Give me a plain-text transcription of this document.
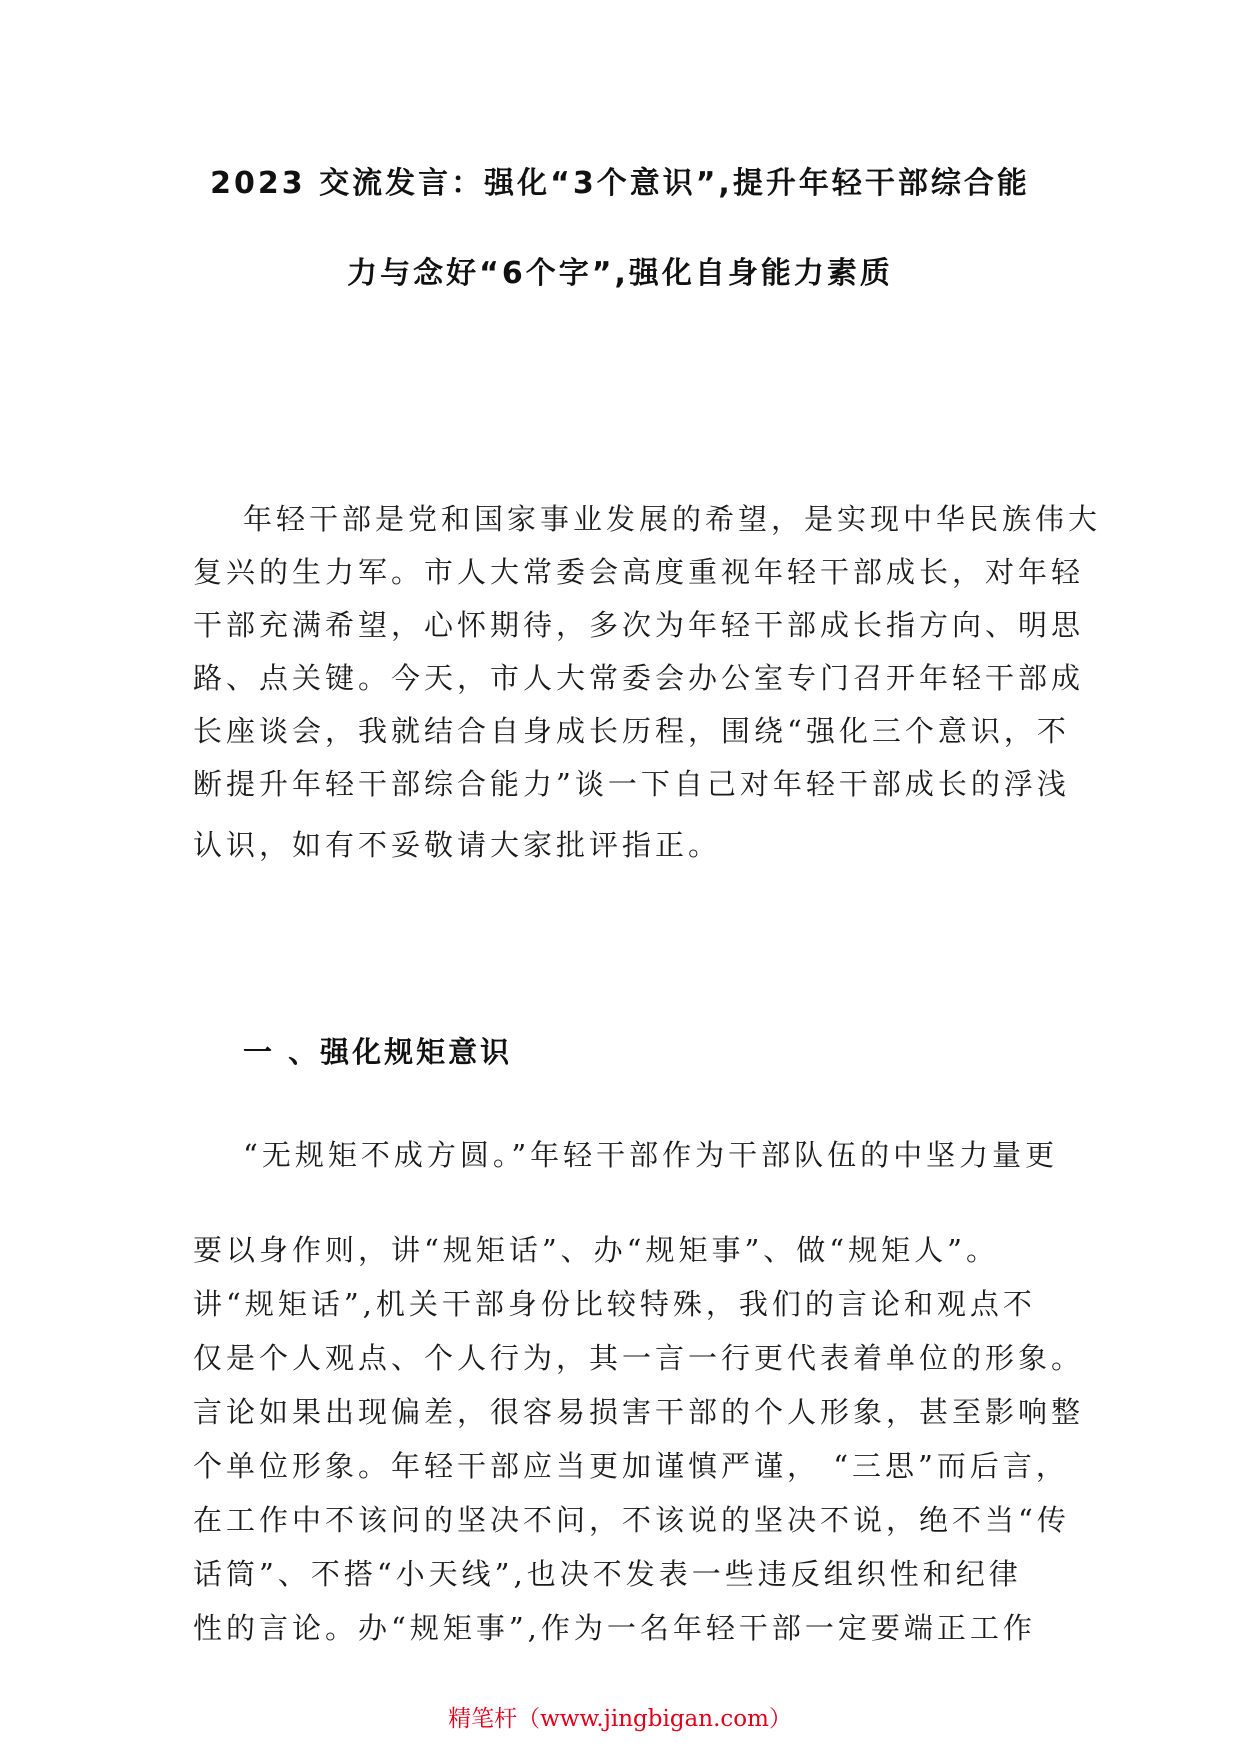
2023 交流发言：强化“3个意识”,提升年轻干部综合能
力与念好“6个字”,强化自身能力素质
年轻干部是党和国家事业发展的希望，是实现中华民族伟大
复兴的生力军。市人大常委会高度重视年轻干部成长，对年轻
干部充满希望，心怀期待，多次为年轻干部成长指方向、明思
路、点关键。今天，市人大常委会办公室专门召开年轻干部成
长座谈会，我就结合自身成长历程，围绕“强化三个意识，不
断提升年轻干部综合能力”谈一下自己对年轻干部成长的浮浅
认识，如有不妥敬请大家批评指正。
一 、强化规矩意识
“无规矩不成方圆。”年轻干部作为干部队伍的中坚力量更
要以身作则，讲“规矩话”、办“规矩事”、做“规矩人”。
讲“规矩话”,机关干部身份比较特殊，我们的言论和观点不
仅是个人观点、个人行为，其一言一行更代表着单位的形象。
言论如果出现偏差，很容易损害干部的个人形象，甚至影响整
个单位形象。年轻干部应当更加谨慎严谨， “三思”而后言，
在工作中不该问的坚决不问，不该说的坚决不说，绝不当“传
话筒”、不搭“小天线”,也决不发表一些违反组织性和纪律
性的言论。办“规矩事”,作为一名年轻干部一定要端正工作
精笔杆（www.jingbigan.com）
